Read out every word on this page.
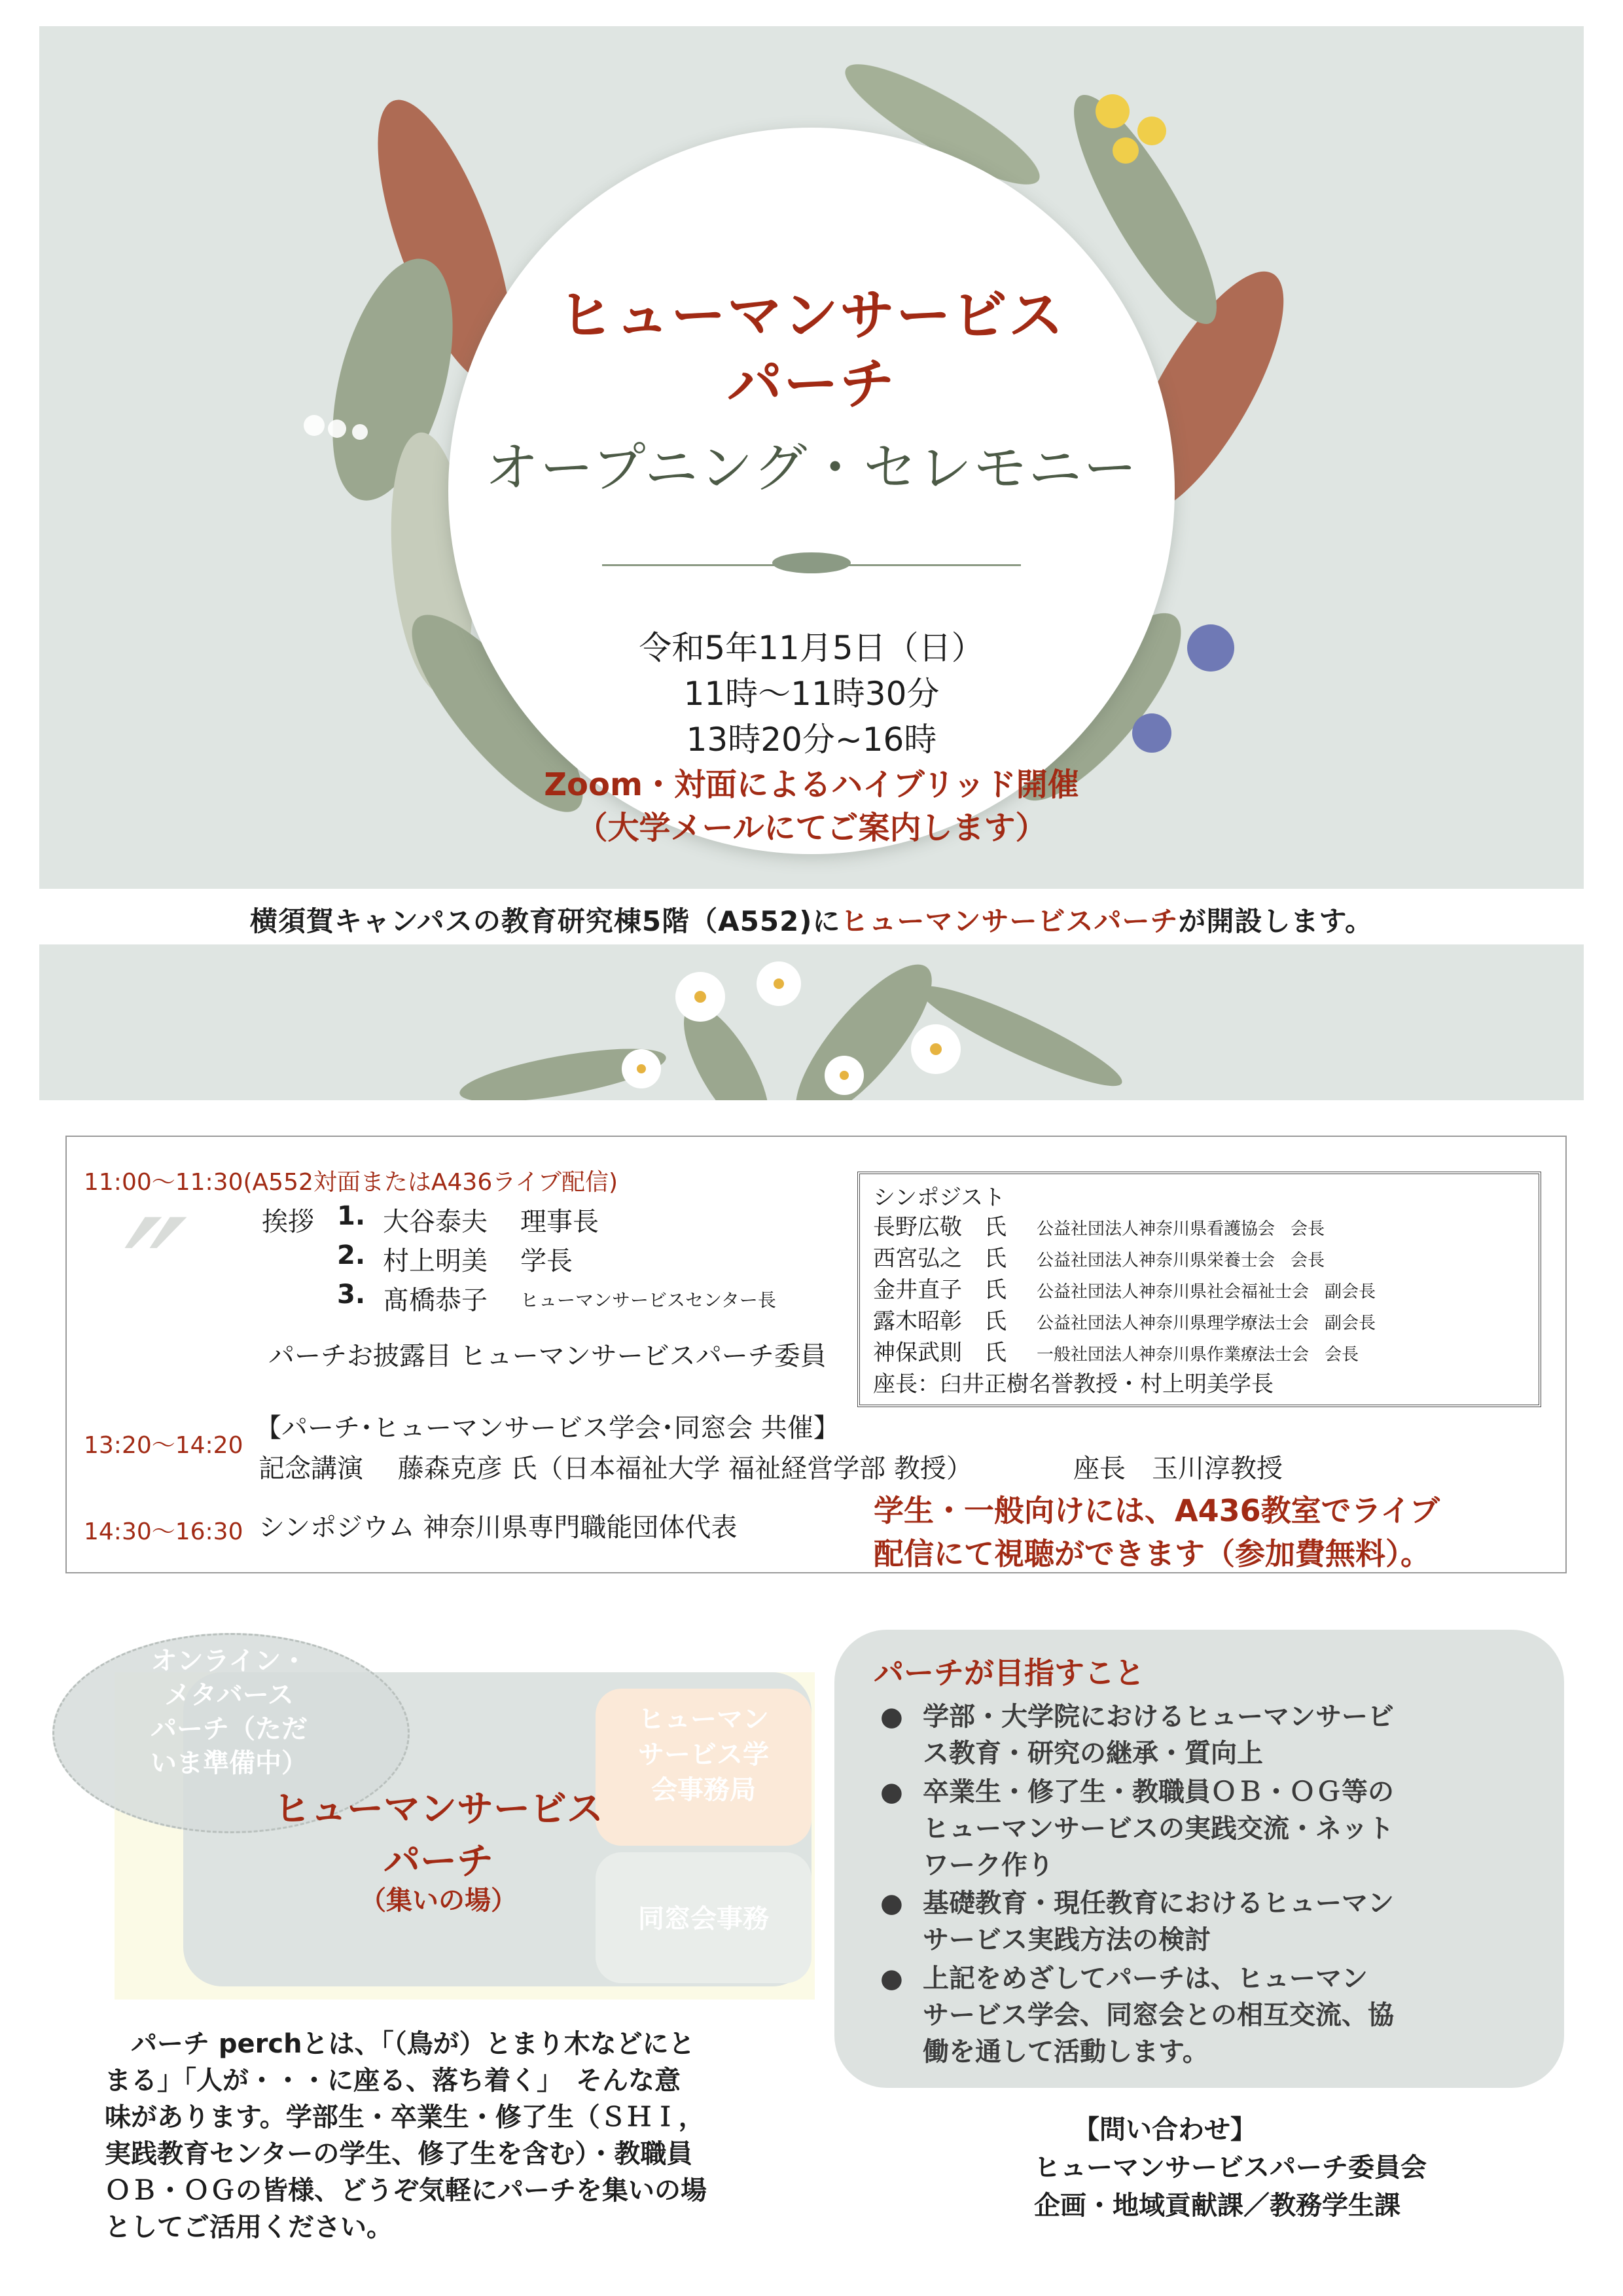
ヒューマンサービス
パーチ
オープニング・セレモニー
令和5年11月5日（日）
11時〜11時30分
13時20分~16時
Zoom・対面によるハイブリッド開催
（大学メールにてご案内します）
横須賀キャンパスの教育研究棟5階（A552)にヒューマンサービスパーチが開設します。
″
11:00〜11:30(A552対面またはA436ライブ配信)
挨拶 1. 大谷泰夫 理事長
2. 村上明美 学長
3. 髙橋恭子 ヒューマンサービスセンター長
パーチお披露目 ヒューマンサービスパーチ委員
13:20〜14:20
【パーチ･ヒューマンサービス学会･同窓会 共催】
記念講演　 藤森克彦 氏（日本福祉大学 福祉経営学部 教授）	座長　玉川淳教授
14:30〜16:30 シンポジウム 神奈川県専門職能団体代表
シンポジスト
長野広敬　氏 公益社団法人神奈川県看護協会 会長
西宮弘之　氏 公益社団法人神奈川県栄養士会 会長
金井直子　氏 公益社団法人神奈川県社会福祉士会 副会長
露木昭彰　氏 公益社団法人神奈川県理学療法士会 副会長
神保武則　氏 一般社団法人神奈川県作業療法士会 会長
座長：臼井正樹名誉教授・村上明美学長
学生・一般向けには、A436教室でライブ
配信にて視聴ができます（参加費無料）。
ヒューマン
サービス学
会事務局
同窓会事務
オンライン・
メタバース
パーチ（ただ
いま準備中）
ヒューマンサービス
パーチ
（集いの場）
　パーチ perchとは、「（鳥が）とまり木などにと
まる」「人が・・・に座る、落ち着く」　そんな意
味があります。学部生・卒業生・修了生（ＳＨＩ，
実践教育センターの学生、修了生を含む）・教職員
ＯＢ・ＯＧの皆様、どうぞ気軽にパーチを集いの場
としてご活用ください。
パーチが目指すこと
● 学部・大学院におけるヒューマンサービ
ス教育・研究の継承・質向上
● 卒業生・修了生・教職員ＯＢ・ＯＧ等の
ヒューマンサービスの実践交流・ネット
ワーク作り
● 基礎教育・現任教育におけるヒューマン
サービス実践方法の検討
● 上記をめざしてパーチは、ヒューマン
サービス学会、同窓会との相互交流、協
働を通して活動します。
【問い合わせ】
ヒューマンサービスパーチ委員会
企画・地域貢献課／教務学生課
